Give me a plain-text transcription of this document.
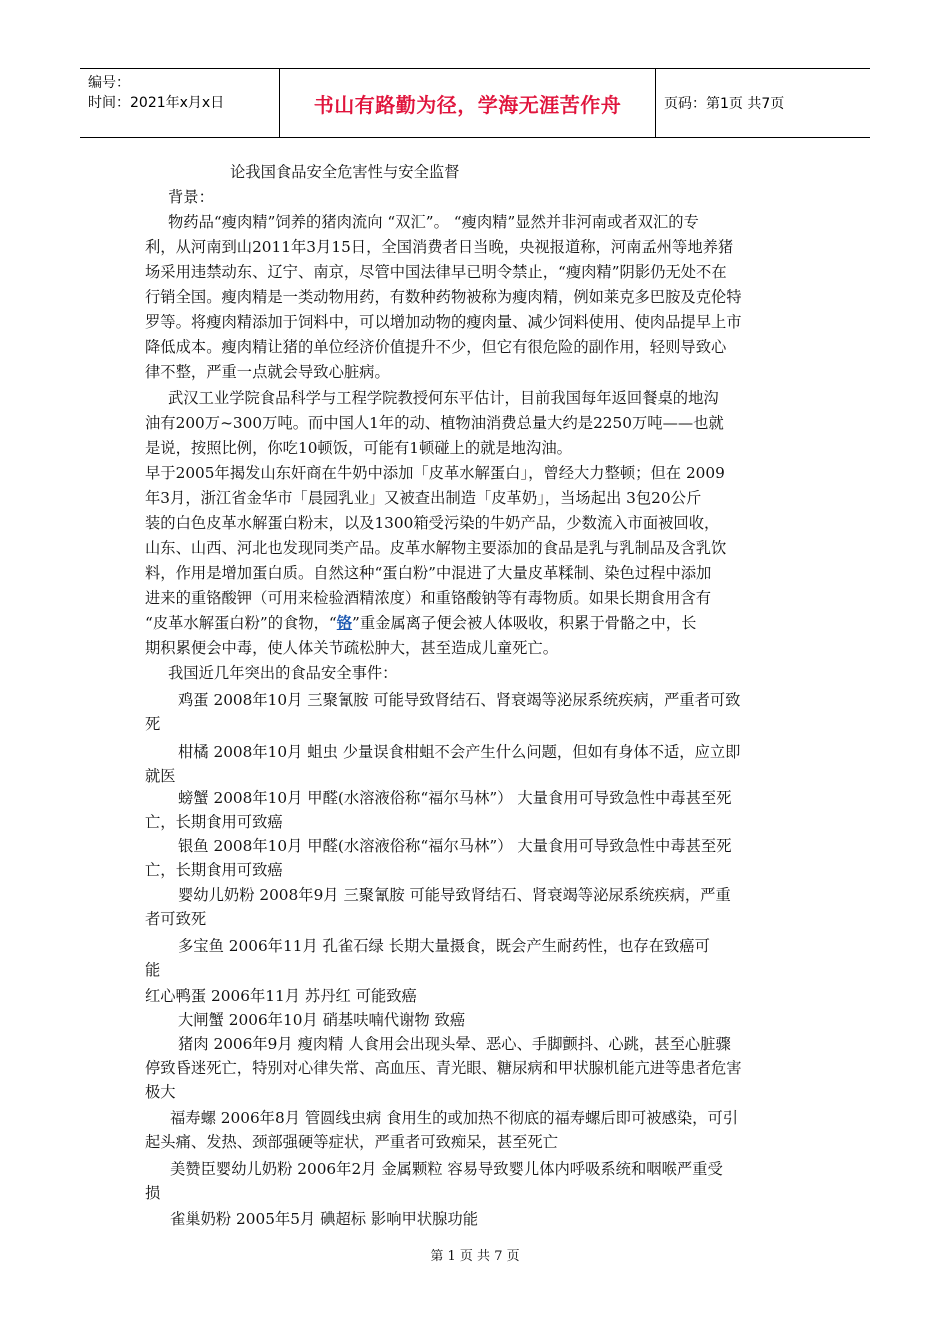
编号：
时间：2021年x月x日	书山有路勤为径，学海无涯苦作舟	页码：第1页 共7页
论我国食品安全危害性与安全监督
背景：
物药品“瘦肉精”饲养的猪肉流向 “双汇”。 “瘦肉精”显然并非河南或者双汇的专
利，从河南到山2011年3月15日，全国消费者日当晚，央视报道称，河南孟州等地养猪
场采用违禁动东、辽宁、南京，尽管中国法律早已明令禁止，“瘦肉精”阴影仍无处不在
行销全国。瘦肉精是一类动物用药，有数种药物被称为瘦肉精，例如莱克多巴胺及克伦特
罗等。将瘦肉精添加于饲料中，可以增加动物的瘦肉量、减少饲料使用、使肉品提早上市
降低成本。瘦肉精让猪的单位经济价值提升不少，但它有很危险的副作用，轻则导致心
律不整，严重一点就会导致心脏病。
武汉工业学院食品科学与工程学院教授何东平估计，目前我国每年返回餐桌的地沟
油有200万~300万吨。而中国人1年的动、植物油消费总量大约是2250万吨——也就
是说，按照比例，你吃10顿饭，可能有1顿碰上的就是地沟油。
早于2005年揭发山东奸商在牛奶中添加「皮革水解蛋白」，曾经大力整顿；但在 2009
年3月，浙江省金华市「晨园乳业」又被查出制造「皮革奶」，当场起出 3包20公斤
装的白色皮革水解蛋白粉末，以及1300箱受污染的牛奶产品，少数流入市面被回收，
山东、山西、河北也发现同类产品。皮革水解物主要添加的食品是乳与乳制品及含乳饮
料，作用是增加蛋白质。自然这种“蛋白粉”中混进了大量皮革糅制、染色过程中添加
进来的重铬酸钾（可用来检验酒精浓度）和重铬酸钠等有毒物质。如果长期食用含有
“皮革水解蛋白粉”的食物，“铬”重金属离子便会被人体吸收，积累于骨骼之中，长
期积累便会中毒，使人体关节疏松肿大，甚至造成儿童死亡。
我国近几年突出的食品安全事件：
鸡蛋 2008年10月 三聚氰胺 可能导致肾结石、肾衰竭等泌尿系统疾病，严重者可致
死
柑橘 2008年10月 蛆虫 少量误食柑蛆不会产生什么问题，但如有身体不适，应立即
就医
螃蟹 2008年10月 甲醛(水溶液俗称“福尔马林”） 大量食用可导致急性中毒甚至死
亡，长期食用可致癌
银鱼 2008年10月 甲醛(水溶液俗称“福尔马林”） 大量食用可导致急性中毒甚至死
亡，长期食用可致癌
婴幼儿奶粉 2008年9月 三聚氰胺 可能导致肾结石、肾衰竭等泌尿系统疾病，严重
者可致死
多宝鱼 2006年11月 孔雀石绿 长期大量摄食，既会产生耐药性，也存在致癌可
能
红心鸭蛋 2006年11月 苏丹红 可能致癌
大闸蟹 2006年10月 硝基呋喃代谢物 致癌
猪肉 2006年9月 瘦肉精 人食用会出现头晕、恶心、手脚颤抖、心跳，甚至心脏骤
停致昏迷死亡，特别对心律失常、高血压、青光眼、糖尿病和甲状腺机能亢进等患者危害
极大
福寿螺 2006年8月 管圆线虫病 食用生的或加热不彻底的福寿螺后即可被感染，可引
起头痛、发热、颈部强硬等症状，严重者可致痴呆，甚至死亡
美赞臣婴幼儿奶粉 2006年2月 金属颗粒 容易导致婴儿体内呼吸系统和咽喉严重受
损
雀巢奶粉 2005年5月 碘超标 影响甲状腺功能
第 1 页 共 7 页
